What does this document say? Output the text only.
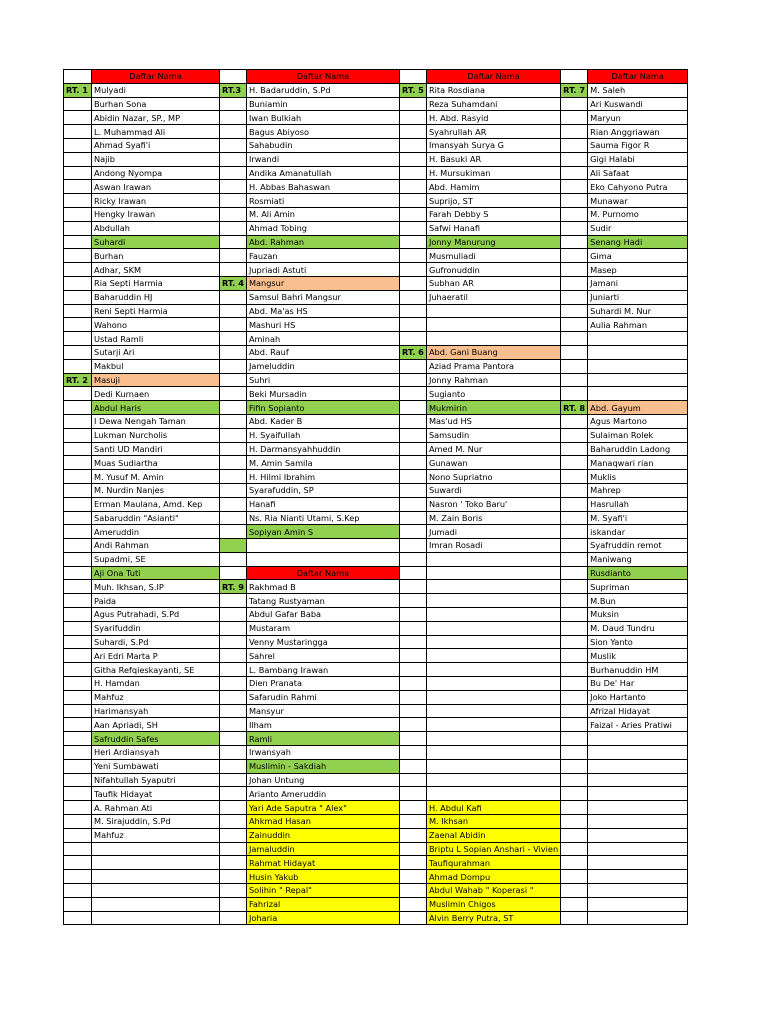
	Daftar Nama		Daftar Nama		Daftar Nama		Daftar Nama
RT. 1	Mulyadi	RT.3	H. Badaruddin, S.Pd	RT. 5	Rita Rosdiana	RT. 7	M. Saleh
	Burhan Sona		Buniamin		Reza Suhamdani		Ari Kuswandi
	Abidin Nazar, SP., MP		Iwan Bulkiah		H. Abd. Rasyid		Maryun
	L. Muhammad Ali		Bagus Abiyoso		Syahrullah AR		Rian Anggriawan
	Ahmad Syafi'i		Sahabudin		Imansyah Surya G		Sauma Figor R
	Najib		Irwandi		H. Basuki AR		Gigi Halabi
	Andong Nyompa		Andika Amanatullah		H. Mursukiman		Ali Safaat
	Aswan Irawan		H. Abbas Bahaswan		Abd. Hamim		Eko Cahyono Putra
	Ricky Irawan		Rosmiati		Suprijo, ST		Munawar
	Hengky Irawan		M. Ali Amin		Farah Debby S		M. Purnomo
	Abdullah		Ahmad Tobing		Safwi Hanafi		Sudir
	Suhardi		Abd. Rahman		Jonny Manurung		Senang Hadi
	Burhan		Fauzan		Musmuliadi		Gima
	Adhar, SKM		Jupriadi Astuti		Gufronuddin		Masep
	Ria Septi Harmia	RT. 4	Mangsur		Subhan AR		Jamani
	Baharuddin HJ		Samsul Bahri Mangsur		Juhaeratil		Juniarti
	Reni Septi Harmia		Abd. Ma'as HS				Suhardi M. Nur
	Wahono		Mashuri HS				Aulia Rahman
	Ustad Ramli		Aminah				
	Sutarji Ari		Abd. Rauf	RT. 6	Abd. Gani Buang		
	Makbul		Jameluddin		Aziad Prama Pantora		
RT. 2	Masuji		Suhri		Jonny Rahman		
	Dedi Kurnaen		Beki Mursadin		Sugianto		
	Abdul Haris		Fifin Sopianto		Mukmirin	RT. 8	Abd. Gayum
	I Dewa Nengah Taman		Abd. Kader B		Mas'ud HS		Agus Martono
	Lukman Nurcholis		H. Syaifullah		Samsudin		Sulaiman Rolek
	Santi UD Mandiri		H. Darmansyahhuddin		Amed M. Nur		Baharuddin Ladong
	Muas Sudiartha		M. Amin Samila		Gunawan		Manaqwari rian
	M. Yusuf M. Amin		H. Hilmi Ibrahim		Nono Supriatno		Muklis
	M. Nurdin Nanjes		Syarafuddin, SP		Suwardi		Mahrep
	Erman Maulana, Amd. Kep		Hanafi		Nasron ' Toko Baru'		Hasrullah
	Sabaruddin "Asianti"		Ns. Ria Nianti Utami, S.Kep		M. Zain Boris		M. Syafi'i
	Ameruddin		Sopiyan Amin S		Jumadi		iskandar
	Andi Rahman				Imran Rosadi		Syafruddin remot
	Supadmi, SE						Maniwang
	Aji Ona Tuti		Daftar Nama				Rusdianto
	Muh. Ikhsan, S.IP	RT. 9	Rakhmad B				Supriman
	Paida		Tatang Rustyaman				M.Bun
	Agus Putrahadi, S.Pd		Abdul Gafar Baba				Muksin
	Syarifuddin		Mustaram				M. Daud Tundru
	Suhardi, S.Pd		Venny Mustaringga				Sion Yanto
	Ari Edri Marta P		Sahrel				Muslik
	Githa Refqieskayanti, SE		L. Bambang Irawan				Burhanuddin HM
	H. Hamdan		Dien Pranata				Bu De' Har
	Mahfuz		Safarudin Rahmi				Joko Hartanto
	Harimansyah		Mansyur				Afrizal Hidayat
	Aan Apriadi, SH		Ilham				Faizal - Aries Pratiwi
	Safruddin Safes		Ramli				
	Heri Ardiansyah		Irwansyah				
	Yeni Sumbawati		Muslimin - Sakdiah				
	Nifahtullah Syaputri		Johan Untung				
	Taufik Hidayat		Arianto Ameruddin				
	A. Rahman Ati		Yari Ade Saputra " Alex"		H. Abdul Kafi		
	M. Sirajuddin, S.Pd		Ahkmad Hasan		M. Ikhsan		
	Mahfuz		Zainuddin		Zaenal Abidin		
			Jamaluddin		Briptu L Sopian Anshari - Vivien		
			Rahmat Hidayat		Taufiqurahman		
			Husin Yakub		Ahmad Dompu		
			Solihin " Repal"		Abdul Wahab " Koperasi "		
			Fahrizal		Muslimin Chigos		
			Joharia		Alvin Berry Putra, ST		
